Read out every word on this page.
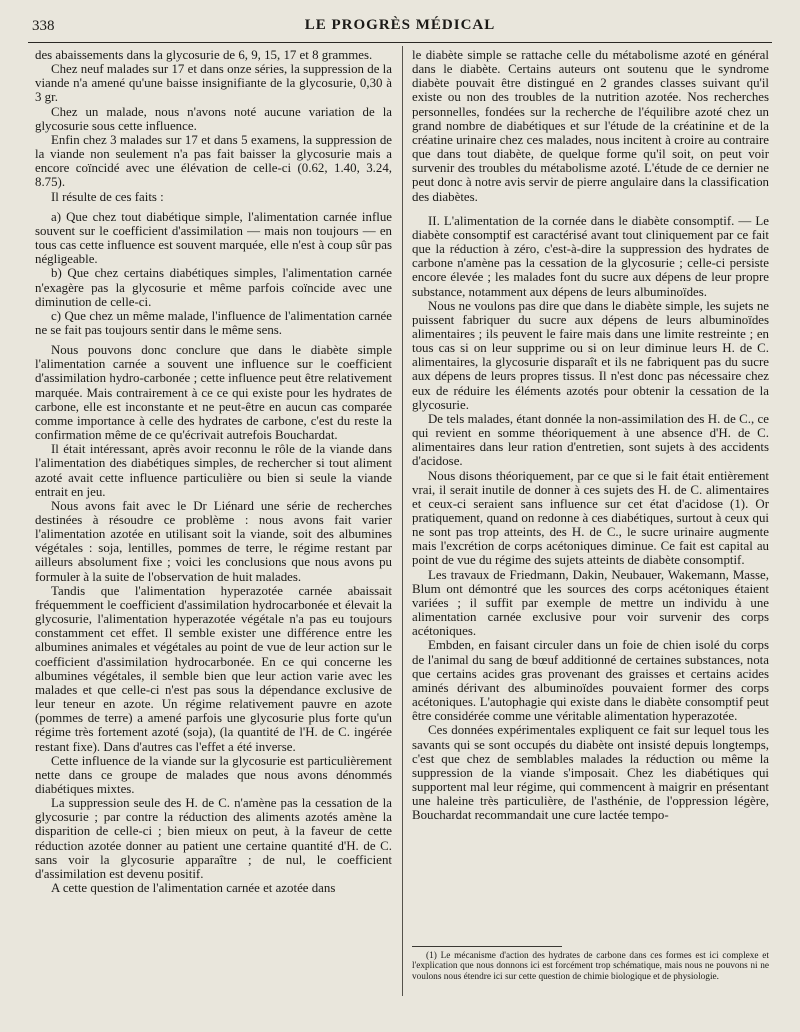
338	LE PROGRÈS MÉDICAL

des abaissements dans la glycosurie de 6, 9, 15, 17 et 8 grammes.

Chez neuf malades sur 17 et dans onze séries, la suppression de la viande n'a amené qu'une baisse insignifiante de la glycosurie, 0,30 à 3 gr.

Chez un malade, nous n'avons noté aucune variation de la glycosurie sous cette influence.

Enfin chez 3 malades sur 17 et dans 5 examens, la suppression de la viande non seulement n'a pas fait baisser la glycosurie mais a encore coïncidé avec une élévation de celle-ci (0.62, 1.40, 3.24, 8.75).

Il résulte de ces faits :

a) Que chez tout diabétique simple, l'alimentation carnée influe souvent sur le coefficient d'assimilation — mais non toujours — en tous cas cette influence est souvent marquée, elle n'est à coup sûr pas négligeable.

b) Que chez certains diabétiques simples, l'alimentation carnée n'exagère pas la glycosurie et même parfois coïncide avec une diminution de celle-ci.

c) Que chez un même malade, l'influence de l'alimentation carnée ne se fait pas toujours sentir dans le même sens.

Nous pouvons donc conclure que dans le diabète simple l'alimentation carnée a souvent une influence sur le coefficient d'assimilation hydro-carbonée ; cette influence peut être relativement marquée. Mais contrairement à ce ce qui existe pour les hydrates de carbone, elle est inconstante et ne peut-être en aucun cas comparée comme importance à celle des hydrates de carbone, c'est du reste la confirmation même de ce qu'écrivait autrefois Bouchardat.

Il était intéressant, après avoir reconnu le rôle de la viande dans l'alimentation des diabétiques simples, de rechercher si tout aliment azoté avait cette influence particulière ou bien si seule la viande entrait en jeu.

Nous avons fait avec le Dr Liénard une série de recherches destinées à résoudre ce problème : nous avons fait varier l'alimentation azotée en utilisant soit la viande, soit des albumines végétales : soja, lentilles, pommes de terre, le régime restant par ailleurs absolument fixe ; voici les conclusions que nous avons pu formuler à la suite de l'observation de huit malades.

Tandis que l'alimentation hyperazotée carnée abaissait fréquemment le coefficient d'assimilation hydrocarbonée et élevait la glycosurie, l'alimentation hyperazotée végétale n'a pas eu toujours constamment cet effet. Il semble exister une différence entre les albumines animales et végétales au point de vue de leur action sur le coefficient d'assimilation hydrocarbonée. En ce qui concerne les albumines végétales, il semble bien que leur action varie avec les malades et que celle-ci n'est pas sous la dépendance exclusive de leur teneur en azote. Un régime relativement pauvre en azote (pommes de terre) a amené parfois une glycosurie plus forte qu'un régime très fortement azoté (soja), (la quantité de l'H. de C. ingérée restant fixe). Dans d'autres cas l'effet a été inverse.

Cette influence de la viande sur la glycosurie est particulièrement nette dans ce groupe de malades que nous avons dénommés diabétiques mixtes.

La suppression seule des H. de C. n'amène pas la cessation de la glycosurie ; par contre la réduction des aliments azotés amène la disparition de celle-ci ; bien mieux on peut, à la faveur de cette réduction azotée donner au patient une certaine quantité d'H. de C. sans voir la glycosurie apparaître ; de nul, le coefficient d'assimilation est devenu positif.

A cette question de l'alimentation carnée et azotée dans

le diabète simple se rattache celle du métabolisme azoté en général dans le diabète. Certains auteurs ont soutenu que le syndrome diabète pouvait être distingué en 2 grandes classes suivant qu'il existe ou non des troubles de la nutrition azotée. Nos recherches personnelles, fondées sur la recherche de l'équilibre azoté chez un grand nombre de diabétiques et sur l'étude de la créatinine et de la créatine urinaire chez ces malades, nous incitent à croire au contraire que dans tout diabète, de quelque forme qu'il soit, on peut voir survenir des troubles du métabolisme azoté. L'étude de ce dernier ne peut donc à notre avis servir de pierre angulaire dans la classification des diabètes.

II. L'alimentation de la cornée dans le diabète consomptif. — Le diabète consomptif est caractérisé avant tout cliniquement par ce fait que la réduction à zéro, c'est-à-dire la suppression des hydrates de carbone n'amène pas la cessation de la glycosurie ; celle-ci persiste encore élevée ; les malades font du sucre aux dépens de leur propre substance, notamment aux dépens de leurs albuminoïdes.

Nous ne voulons pas dire que dans le diabète simple, les sujets ne puissent fabriquer du sucre aux dépens de leurs albuminoïdes alimentaires ; ils peuvent le faire mais dans une limite restreinte ; en tous cas si on leur supprime ou si on leur diminue leurs H. de C. alimentaires, la glycosurie disparaît et ils ne fabriquent pas du sucre aux dépens de leurs propres tissus. Il n'est donc pas nécessaire chez eux de réduire les éléments azotés pour obtenir la cessation de la glycosurie.

De tels malades, étant donnée la non-assimilation des H. de C., ce qui revient en somme théoriquement à une absence d'H. de C. alimentaires dans leur ration d'entretien, sont sujets à des accidents d'acidose.

Nous disons théoriquement, par ce que si le fait était entièrement vrai, il serait inutile de donner à ces sujets des H. de C. alimentaires et ceux-ci seraient sans influence sur cet état d'acidose (1). Or pratiquement, quand on redonne à ces diabétiques, surtout à ceux qui ne sont pas trop atteints, des H. de C., le sucre urinaire augmente mais l'excrétion de corps acétoniques diminue. Ce fait est capital au point de vue du régime des sujets atteints de diabète consomptif.

Les travaux de Friedmann, Dakin, Neubauer, Wakemann, Masse, Blum ont démontré que les sources des corps acétoniques étaient variées ; il suffit par exemple de mettre un individu à une alimentation carnée exclusive pour voir survenir des corps acétoniques.

Embden, en faisant circuler dans un foie de chien isolé du corps de l'animal du sang de bœuf additionné de certaines substances, nota que certains acides gras provenant des graisses et certains acides aminés dérivant des albuminoïdes pouvaient former des corps acétoniques. L'autophagie qui existe dans le diabète consomptif peut être considérée comme une véritable alimentation hyperazotée.

Ces données expérimentales expliquent ce fait sur lequel tous les savants qui se sont occupés du diabète ont insisté depuis longtemps, c'est que chez de semblables malades la réduction ou même la suppression de la viande s'imposait. Chez les diabétiques qui supportent mal leur régime, qui commencent à maigrir en présentant une haleine très particulière, de l'asthénie, de l'oppression légère, Bouchardat recommandait une cure lactée tempo-

(1) Le mécanisme d'action des hydrates de carbone dans ces formes est ici complexe et l'explication que nous donnons ici est forcément trop schématique, mais nous ne pouvons ni ne voulons nous étendre ici sur cette question de chimie biologique et de physiologie.
